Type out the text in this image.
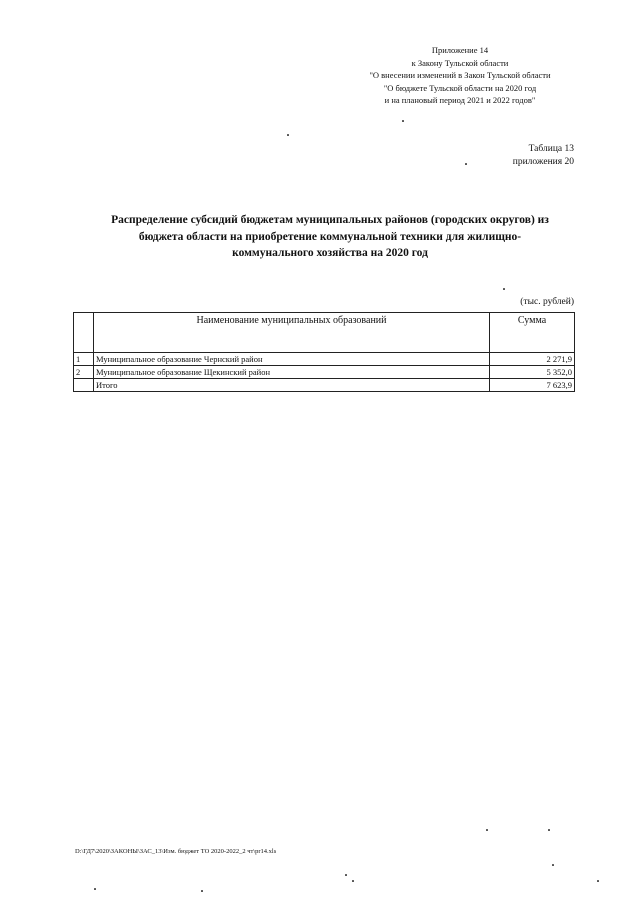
Приложение 14
к Закону Тульской области
"О внесении изменений в Закон Тульской области
"О бюджете Тульской области на 2020 год
и на плановый период 2021 и 2022 годов"
Таблица 13
приложения 20
Распределение субсидий бюджетам муниципальных районов (городских округов) из
бюджета области на приобретение коммунальной техники для жилищно-
коммунального хозяйства на 2020 год
(тыс. рублей)
	Наименование муниципальных образований	Сумма
1	Муниципальное образование Чернский район	2 271,9
2	Муниципальное образование Щекинский район	5 352,0
	Итого	7 623,9
D:\ГД7\2020\ЗАКОНЫ\ЗАС_13\Изм. бюджет ТО 2020-2022_2 чт\pr14.xls
